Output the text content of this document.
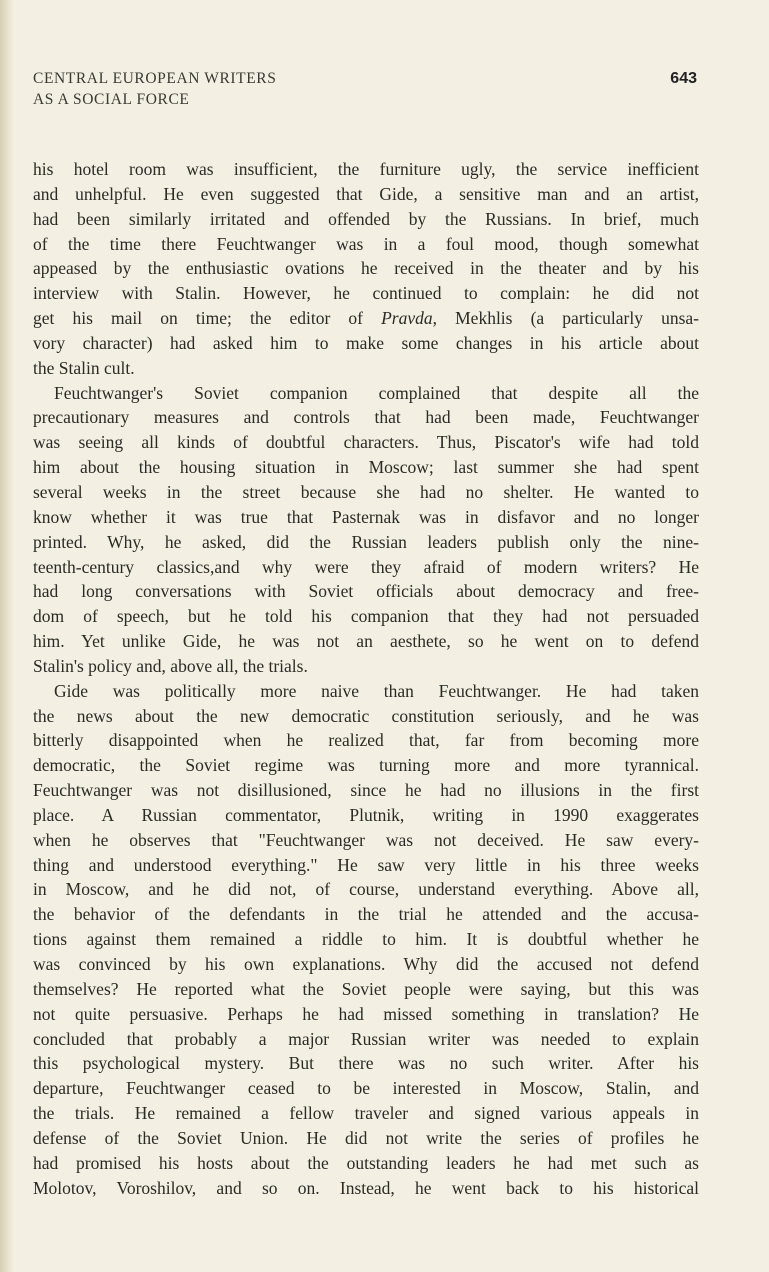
CENTRAL EUROPEAN WRITERS
AS A SOCIAL FORCE
643
his hotel room was insufficient, the furniture ugly, the service inefficient
and unhelpful. He even suggested that Gide, a sensitive man and an artist,
had been similarly irritated and offended by the Russians. In brief, much
of the time there Feuchtwanger was in a foul mood, though somewhat
appeased by the enthusiastic ovations he received in the theater and by his
interview with Stalin. However, he continued to complain: he did not
get his mail on time; the editor of Pravda, Mekhlis (a particularly unsa-
vory character) had asked him to make some changes in his article about
the Stalin cult.
Feuchtwanger's Soviet companion complained that despite all the
precautionary measures and controls that had been made, Feuchtwanger
was seeing all kinds of doubtful characters. Thus, Piscator's wife had told
him about the housing situation in Moscow; last summer she had spent
several weeks in the street because she had no shelter. He wanted to
know whether it was true that Pasternak was in disfavor and no longer
printed. Why, he asked, did the Russian leaders publish only the nine-
teenth-century classics,and why were they afraid of modern writers? He
had long conversations with Soviet officials about democracy and free-
dom of speech, but he told his companion that they had not persuaded
him. Yet unlike Gide, he was not an aesthete, so he went on to defend
Stalin's policy and, above all, the trials.
Gide was politically more naive than Feuchtwanger. He had taken
the news about the new democratic constitution seriously, and he was
bitterly disappointed when he realized that, far from becoming more
democratic, the Soviet regime was turning more and more tyrannical.
Feuchtwanger was not disillusioned, since he had no illusions in the first
place. A Russian commentator, Plutnik, writing in 1990 exaggerates
when he observes that "Feuchtwanger was not deceived. He saw every-
thing and understood everything." He saw very little in his three weeks
in Moscow, and he did not, of course, understand everything. Above all,
the behavior of the defendants in the trial he attended and the accusa-
tions against them remained a riddle to him. It is doubtful whether he
was convinced by his own explanations. Why did the accused not defend
themselves? He reported what the Soviet people were saying, but this was
not quite persuasive. Perhaps he had missed something in translation? He
concluded that probably a major Russian writer was needed to explain
this psychological mystery. But there was no such writer. After his
departure, Feuchtwanger ceased to be interested in Moscow, Stalin, and
the trials. He remained a fellow traveler and signed various appeals in
defense of the Soviet Union. He did not write the series of profiles he
had promised his hosts about the outstanding leaders he had met such as
Molotov, Voroshilov, and so on. Instead, he went back to his historical
